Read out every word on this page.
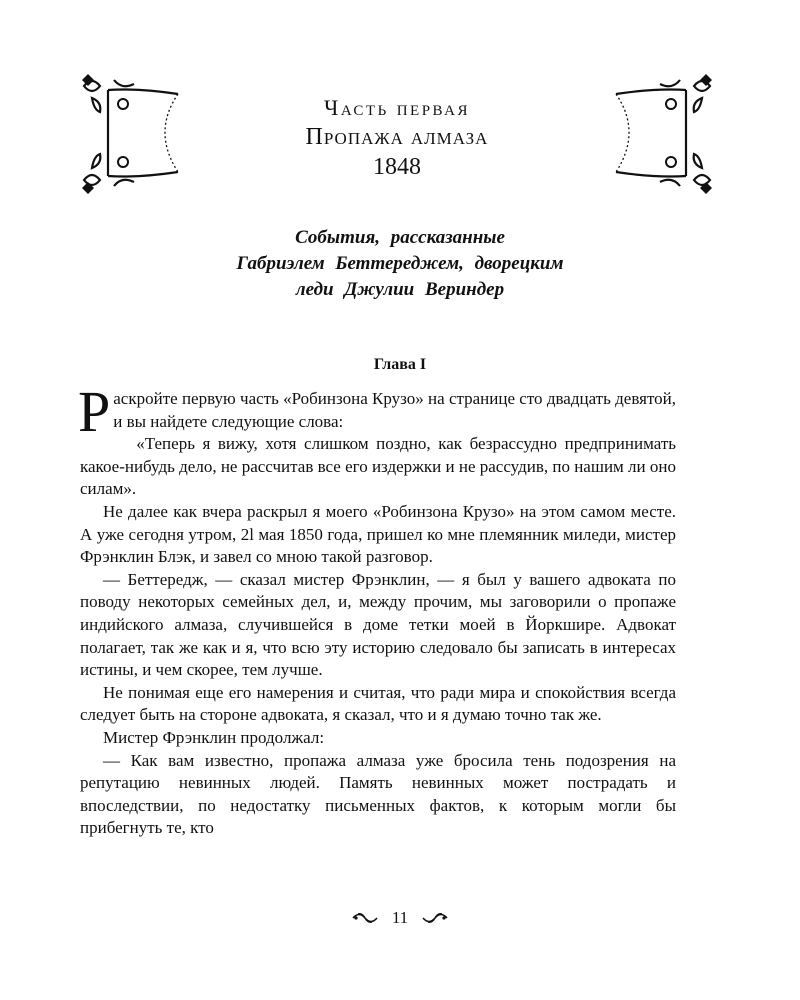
Часть первая
Пропажа алмаза
1848
События, рассказанные
Габриэлем Беттереджем, дворецким
леди Джулии Вериндер
Глава I

Раскройте первую часть «Робинзона Крузо» на странице сто двадцать девятой, и вы найдете следующие слова:

«Теперь я вижу, хотя слишком поздно, как безрассудно предпринимать какое-нибудь дело, не рассчитав все его издержки и не рассудив, по нашим ли оно силам».

Не далее как вчера раскрыл я моего «Робинзона Крузо» на этом самом месте. А уже сегодня утром, 2l мая 1850 года, пришел ко мне племянник миледи, мистер Фрэнклин Блэк, и завел со мною такой разговор.

— Беттередж, — сказал мистер Фрэнклин, — я был у вашего адвоката по поводу некоторых семейных дел, и, между прочим, мы заговорили о пропаже индийского алмаза, случившейся в доме тетки моей в Йоркшире. Адвокат полагает, так же как и я, что всю эту историю следовало бы записать в интересах истины, и чем скорее, тем лучше.

Не понимая еще его намерения и считая, что ради мира и спокойствия всегда следует быть на стороне адвоката, я сказал, что и я думаю точно так же.

Мистер Фрэнклин продолжал:

— Как вам известно, пропажа алмаза уже бросила тень подозрения на репутацию невинных людей. Память невинных может пострадать и впоследствии, по недостатку письменных фактов, к которым могли бы прибегнуть те, кто

11
